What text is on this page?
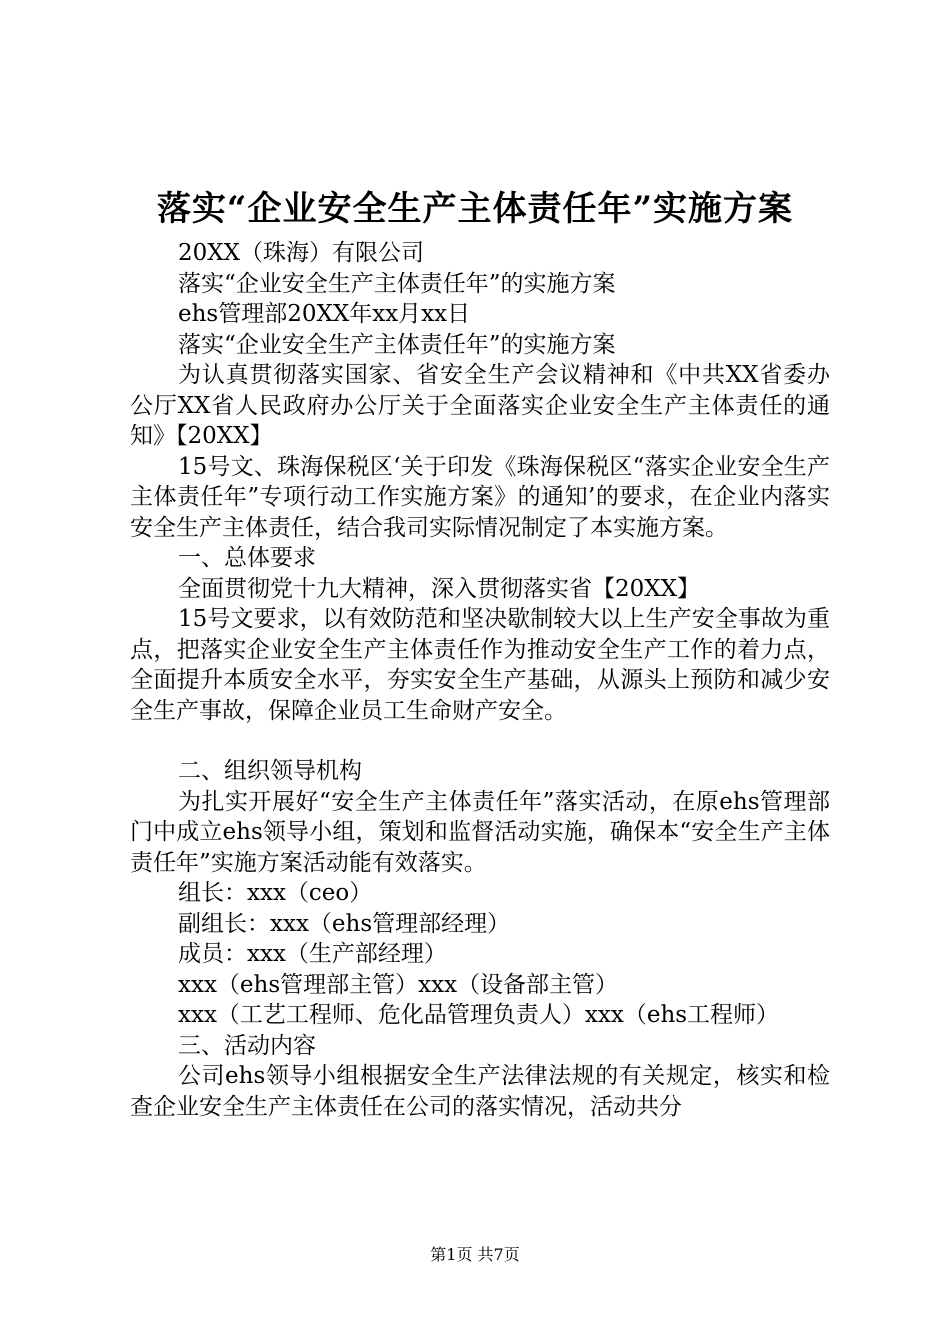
落实“企业安全生产主体责任年”实施方案

20XX（珠海）有限公司

落实“企业安全生产主体责任年”的实施方案

ehs管理部20XX年xx月xx日

落实“企业安全生产主体责任年”的实施方案

为认真贯彻落实国家、省安全生产会议精神和《中共XX省委办公厅XX省人民政府办公厅关于全面落实企业安全生产主体责任的通知》【20XX】

15号文、珠海保税区‘关于印发《珠海保税区“落实企业安全生产主体责任年”专项行动工作实施方案》的通知’的要求，在企业内落实安全生产主体责任，结合我司实际情况制定了本实施方案。

一、总体要求

全面贯彻党十九大精神，深入贯彻落实省【20XX】

15号文要求，以有效防范和坚决歇制较大以上生产安全事故为重点，把落实企业安全生产主体责任作为推动安全生产工作的着力点，全面提升本质安全水平，夯实安全生产基础，从源头上预防和减少安全生产事故，保障企业员工生命财产安全。

二、组织领导机构

为扎实开展好“安全生产主体责任年”落实活动，在原ehs管理部门中成立ehs领导小组，策划和监督活动实施，确保本“安全生产主体责任年”实施方案活动能有效落实。

组长：xxx（ceo）

副组长：xxx（ehs管理部经理）

成员：xxx（生产部经理）

xxx（ehs管理部主管）xxx（设备部主管）

xxx（工艺工程师、危化品管理负责人）xxx（ehs工程师）

三、活动内容

公司ehs领导小组根据安全生产法律法规的有关规定，核实和检查企业安全生产主体责任在公司的落实情况，活动共分

第1页 共7页
